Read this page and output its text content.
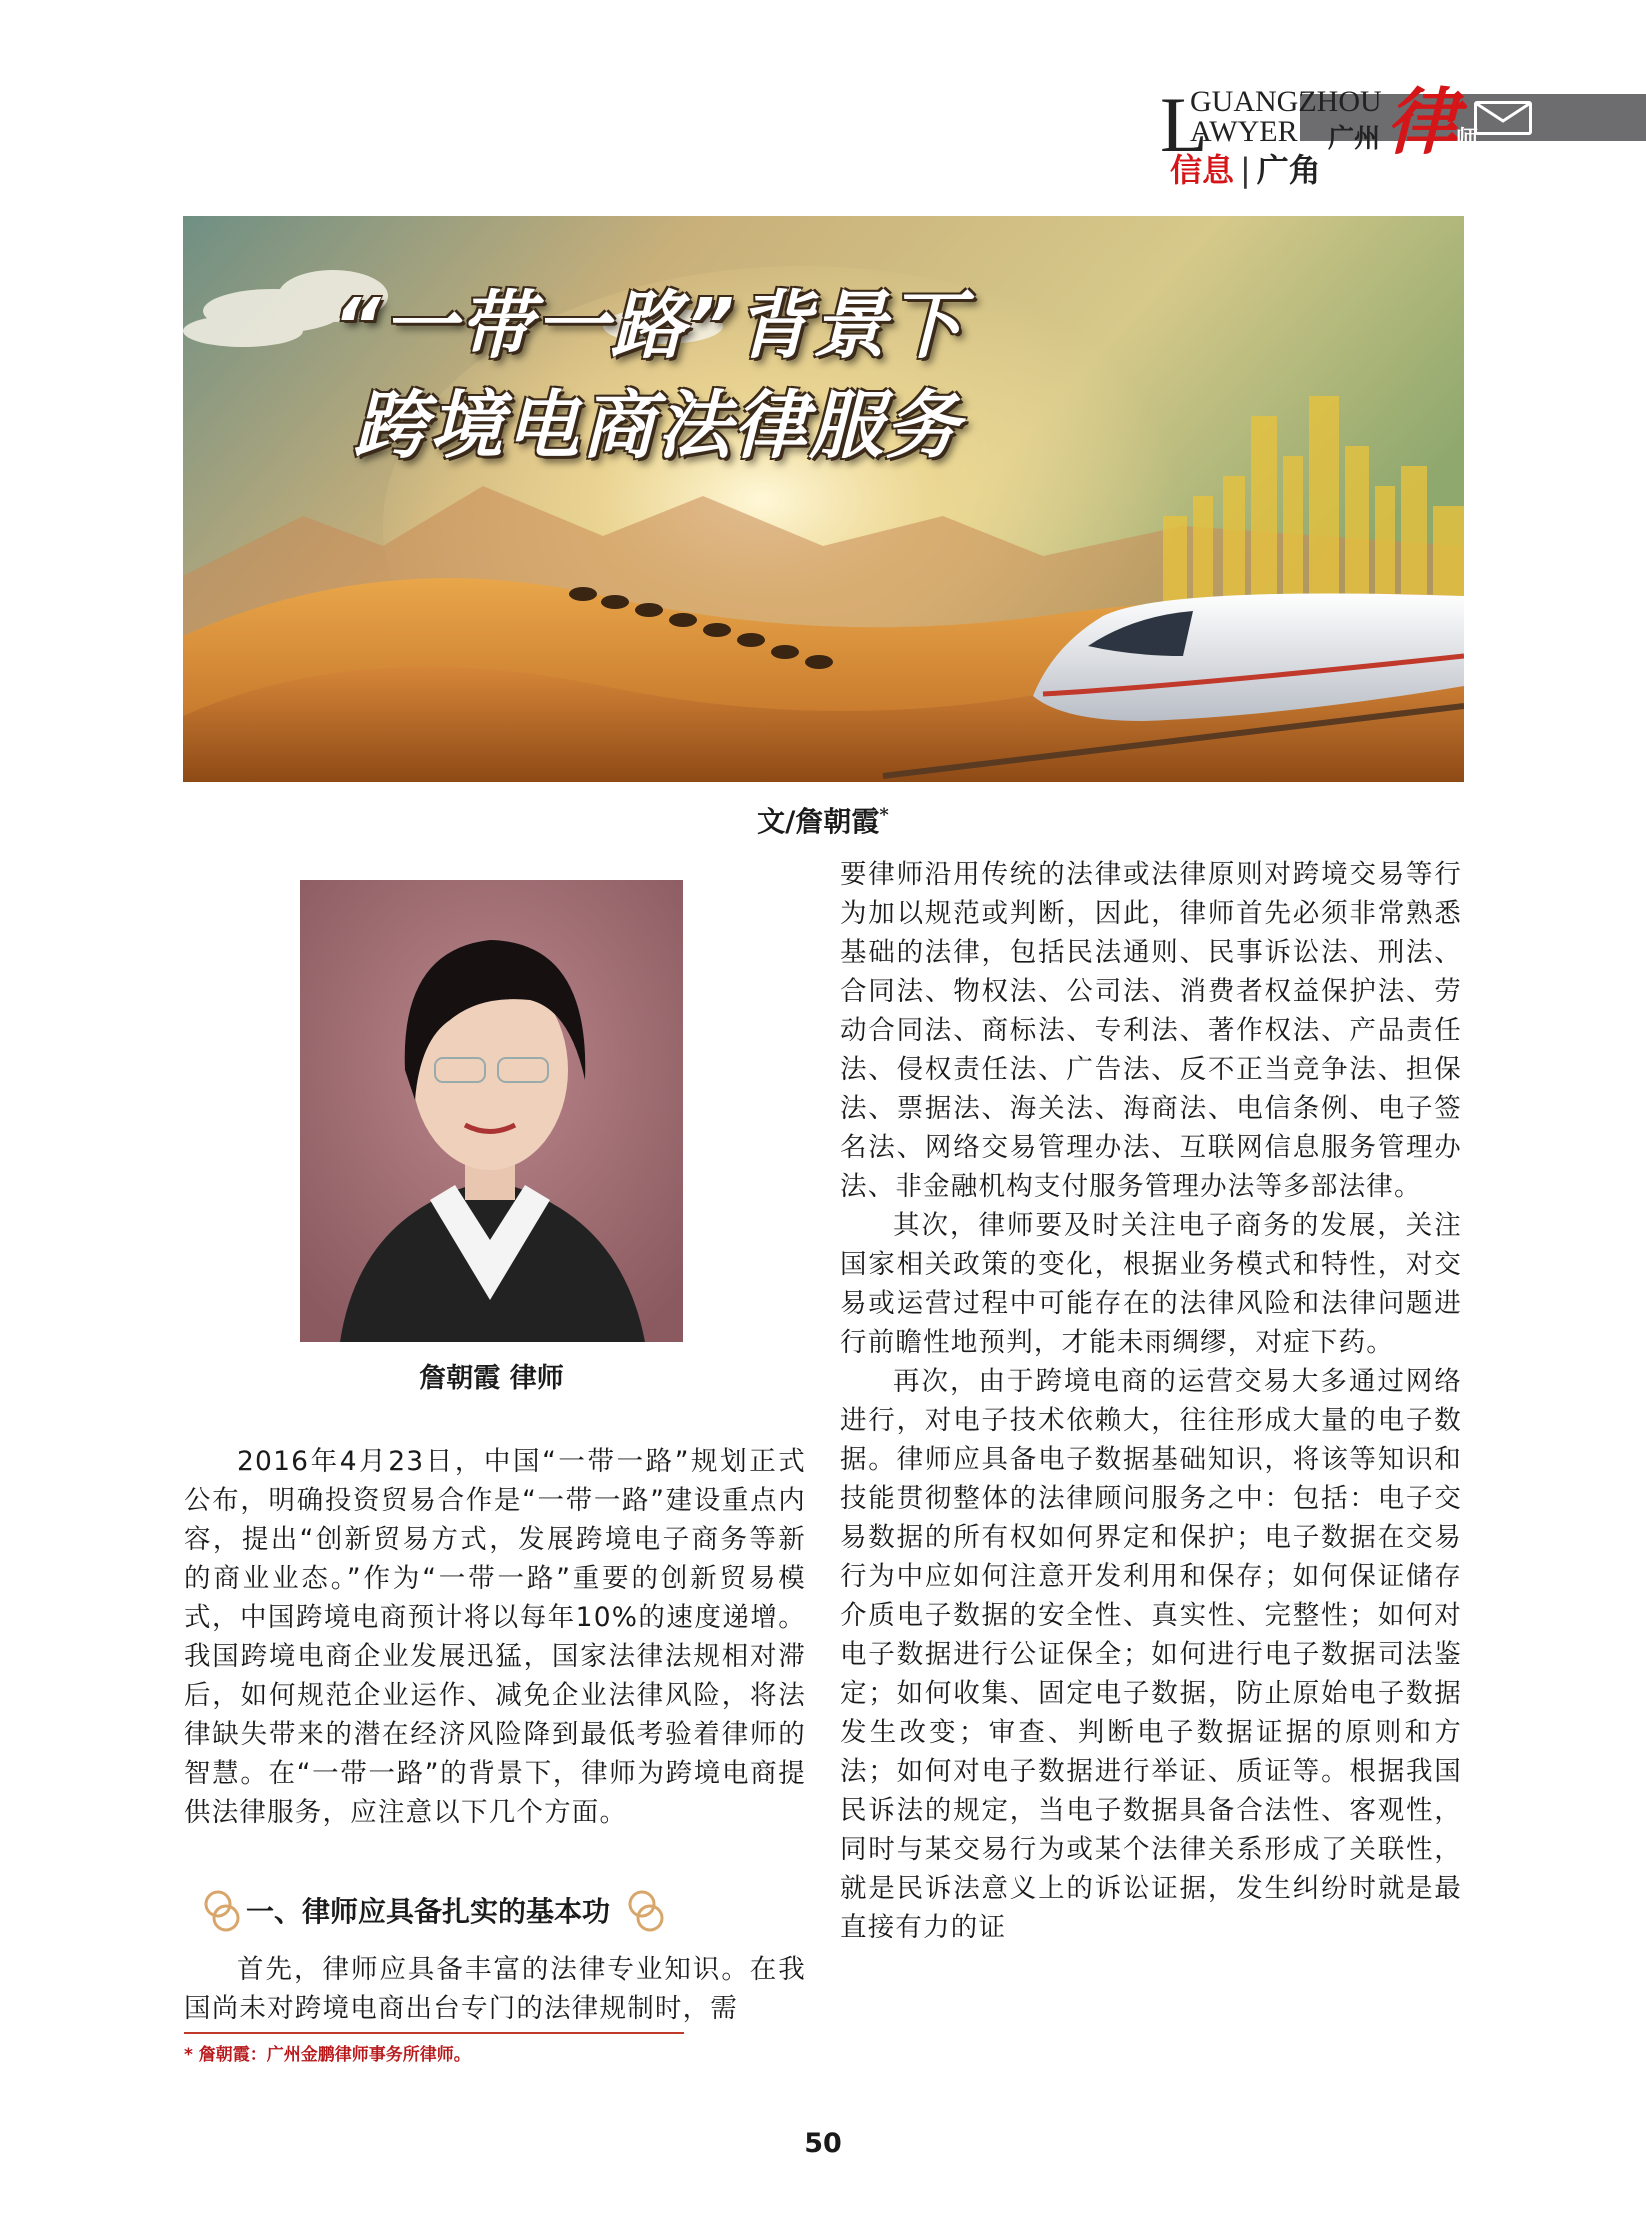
L
GUANGZHOU
AWYER 广州 律
师
信息 | 广角
“一带一路”背景下
跨境电商法律服务
文/詹朝霞*
詹朝霞 律师

2016年4月23日，中国“一带一路”规划正式公布，明确投资贸易合作是“一带一路”建设重点内容，提出“创新贸易方式，发展跨境电子商务等新的商业业态。”作为“一带一路”重要的创新贸易模式，中国跨境电商预计将以每年10%的速度递增。我国跨境电商企业发展迅猛，国家法律法规相对滞后，如何规范企业运作、减免企业法律风险，将法律缺失带来的潜在经济风险降到最低考验着律师的智慧。在“一带一路”的背景下，律师为跨境电商提供法律服务，应注意以下几个方面。

一、律师应具备扎实的基本功

首先，律师应具备丰富的法律专业知识。在我国尚未对跨境电商出台专门的法律规制时，需

* 詹朝霞：广州金鹏律师事务所律师。

要律师沿用传统的法律或法律原则对跨境交易等行为加以规范或判断，因此，律师首先必须非常熟悉基础的法律，包括民法通则、民事诉讼法、刑法、合同法、物权法、公司法、消费者权益保护法、劳动合同法、商标法、专利法、著作权法、产品责任法、侵权责任法、广告法、反不正当竞争法、担保法、票据法、海关法、海商法、电信条例、电子签名法、网络交易管理办法、互联网信息服务管理办法、非金融机构支付服务管理办法等多部法律。

其次，律师要及时关注电子商务的发展，关注国家相关政策的变化，根据业务模式和特性，对交易或运营过程中可能存在的法律风险和法律问题进行前瞻性地预判，才能未雨绸缪，对症下药。

再次，由于跨境电商的运营交易大多通过网络进行，对电子技术依赖大，往往形成大量的电子数据。律师应具备电子数据基础知识，将该等知识和技能贯彻整体的法律顾问服务之中：包括：电子交易数据的所有权如何界定和保护；电子数据在交易行为中应如何注意开发利用和保存；如何保证储存介质电子数据的安全性、真实性、完整性；如何对电子数据进行公证保全；如何进行电子数据司法鉴定；如何收集、固定电子数据，防止原始电子数据发生改变；审查、判断电子数据证据的原则和方法；如何对电子数据进行举证、质证等。根据我国民诉法的规定，当电子数据具备合法性、客观性，同时与某交易行为或某个法律关系形成了关联性，就是民诉法意义上的诉讼证据，发生纠纷时就是最直接有力的证

50
